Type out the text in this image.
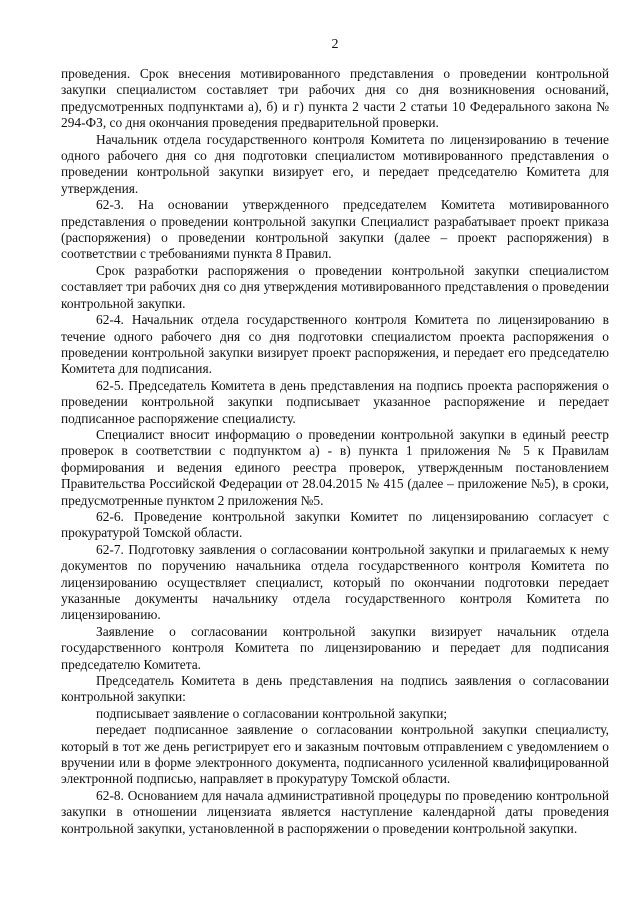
2

проведения. Срок внесения мотивированного представления о проведении контрольной закупки специалистом составляет три рабочих дня со дня возникновения оснований, предусмотренных подпунктами а), б) и г) пункта 2 части 2 статьи 10 Федерального закона № 294-ФЗ, со дня окончания проведения предварительной проверки.

Начальник отдела государственного контроля Комитета по лицензированию в течение одного рабочего дня со дня подготовки специалистом мотивированного представления о проведении контрольной закупки визирует его, и передает председателю Комитета для утверждения.

62-3. На основании утвержденного председателем Комитета мотивированного представления о проведении контрольной закупки Специалист разрабатывает проект приказа (распоряжения) о проведении контрольной закупки (далее – проект распоряжения) в соответствии с требованиями пункта 8 Правил.

Срок разработки распоряжения о проведении контрольной закупки специалистом составляет три рабочих дня со дня утверждения мотивированного представления о проведении контрольной закупки.

62-4. Начальник отдела государственного контроля Комитета по лицензированию в течение одного рабочего дня со дня подготовки специалистом проекта распоряжения о проведении контрольной закупки визирует проект распоряжения, и передает его председателю Комитета для подписания.

62-5. Председатель Комитета в день представления на подпись проекта распоряжения о проведении контрольной закупки подписывает указанное распоряжение и передает подписанное распоряжение специалисту.

Специалист вносит информацию о проведении контрольной закупки в единый реестр проверок в соответствии с подпунктом а) - в) пункта 1 приложения № 5 к Правилам формирования и ведения единого реестра проверок, утвержденным постановлением Правительства Российской Федерации от 28.04.2015 № 415 (далее – приложение №5), в сроки, предусмотренные пунктом 2 приложения №5.

62-6. Проведение контрольной закупки Комитет по лицензированию согласует с прокуратурой Томской области.

62-7. Подготовку заявления о согласовании контрольной закупки и прилагаемых к нему документов по поручению начальника отдела государственного контроля Комитета по лицензированию осуществляет специалист, который по окончании подготовки передает указанные документы начальнику отдела государственного контроля Комитета по лицензированию.

Заявление о согласовании контрольной закупки визирует начальник отдела государственного контроля Комитета по лицензированию и передает для подписания председателю Комитета.

Председатель Комитета в день представления на подпись заявления о согласовании контрольной закупки:

подписывает заявление о согласовании контрольной закупки;

передает подписанное заявление о согласовании контрольной закупки специалисту, который в тот же день регистрирует его и заказным почтовым отправлением с уведомлением о вручении или в форме электронного документа, подписанного усиленной квалифицированной электронной подписью, направляет в прокуратуру Томской области.

62-8. Основанием для начала административной процедуры по проведению контрольной закупки в отношении лицензиата является наступление календарной даты проведения контрольной закупки, установленной в распоряжении о проведении контрольной закупки.
